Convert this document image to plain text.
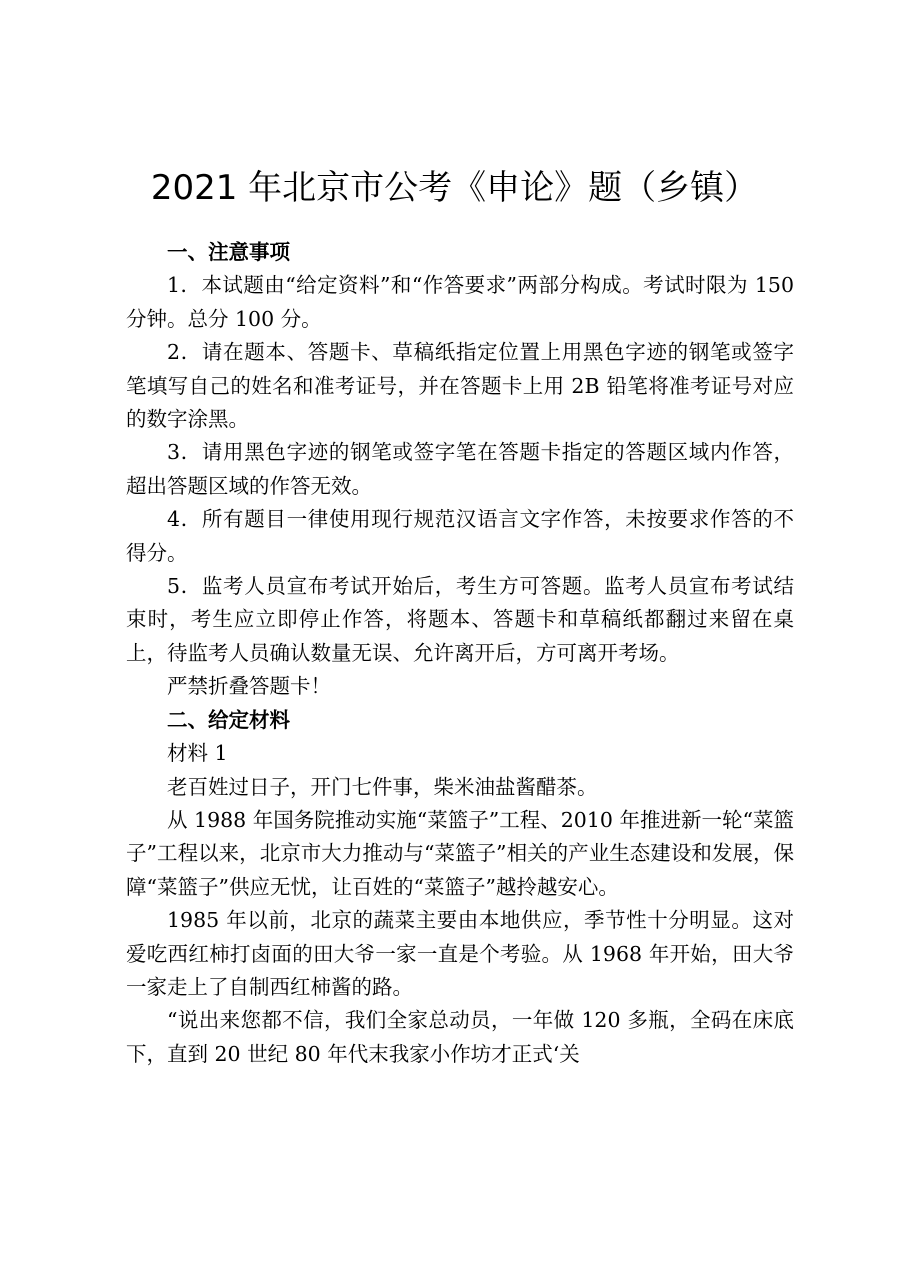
2021 年北京市公考《申论》题（乡镇）

一、注意事项

1．本试题由“给定资料”和“作答要求”两部分构成。考试时限为 150 分钟。总分 100 分。

2．请在题本、答题卡、草稿纸指定位置上用黑色字迹的钢笔或签字笔填写自己的姓名和准考证号，并在答题卡上用 2B 铅笔将准考证号对应的数字涂黑。

3．请用黑色字迹的钢笔或签字笔在答题卡指定的答题区域内作答，超出答题区域的作答无效。

4．所有题目一律使用现行规范汉语言文字作答，未按要求作答的不得分。

5．监考人员宣布考试开始后，考生方可答题。监考人员宣布考试结束时，考生应立即停止作答，将题本、答题卡和草稿纸都翻过来留在桌上，待监考人员确认数量无误、允许离开后，方可离开考场。

严禁折叠答题卡！

二、给定材料

材料 1

老百姓过日子，开门七件事，柴米油盐酱醋茶。

从 1988 年国务院推动实施“菜篮子”工程、2010 年推进新一轮“菜篮子”工程以来，北京市大力推动与“菜篮子”相关的产业生态建设和发展，保障“菜篮子”供应无忧，让百姓的“菜篮子”越拎越安心。

1985 年以前，北京的蔬菜主要由本地供应，季节性十分明显。这对爱吃西红柿打卤面的田大爷一家一直是个考验。从 1968 年开始，田大爷一家走上了自制西红柿酱的路。

“说出来您都不信，我们全家总动员，一年做 120 多瓶，全码在床底下，直到 20 世纪 80 年代末我家小作坊才正式‘关
